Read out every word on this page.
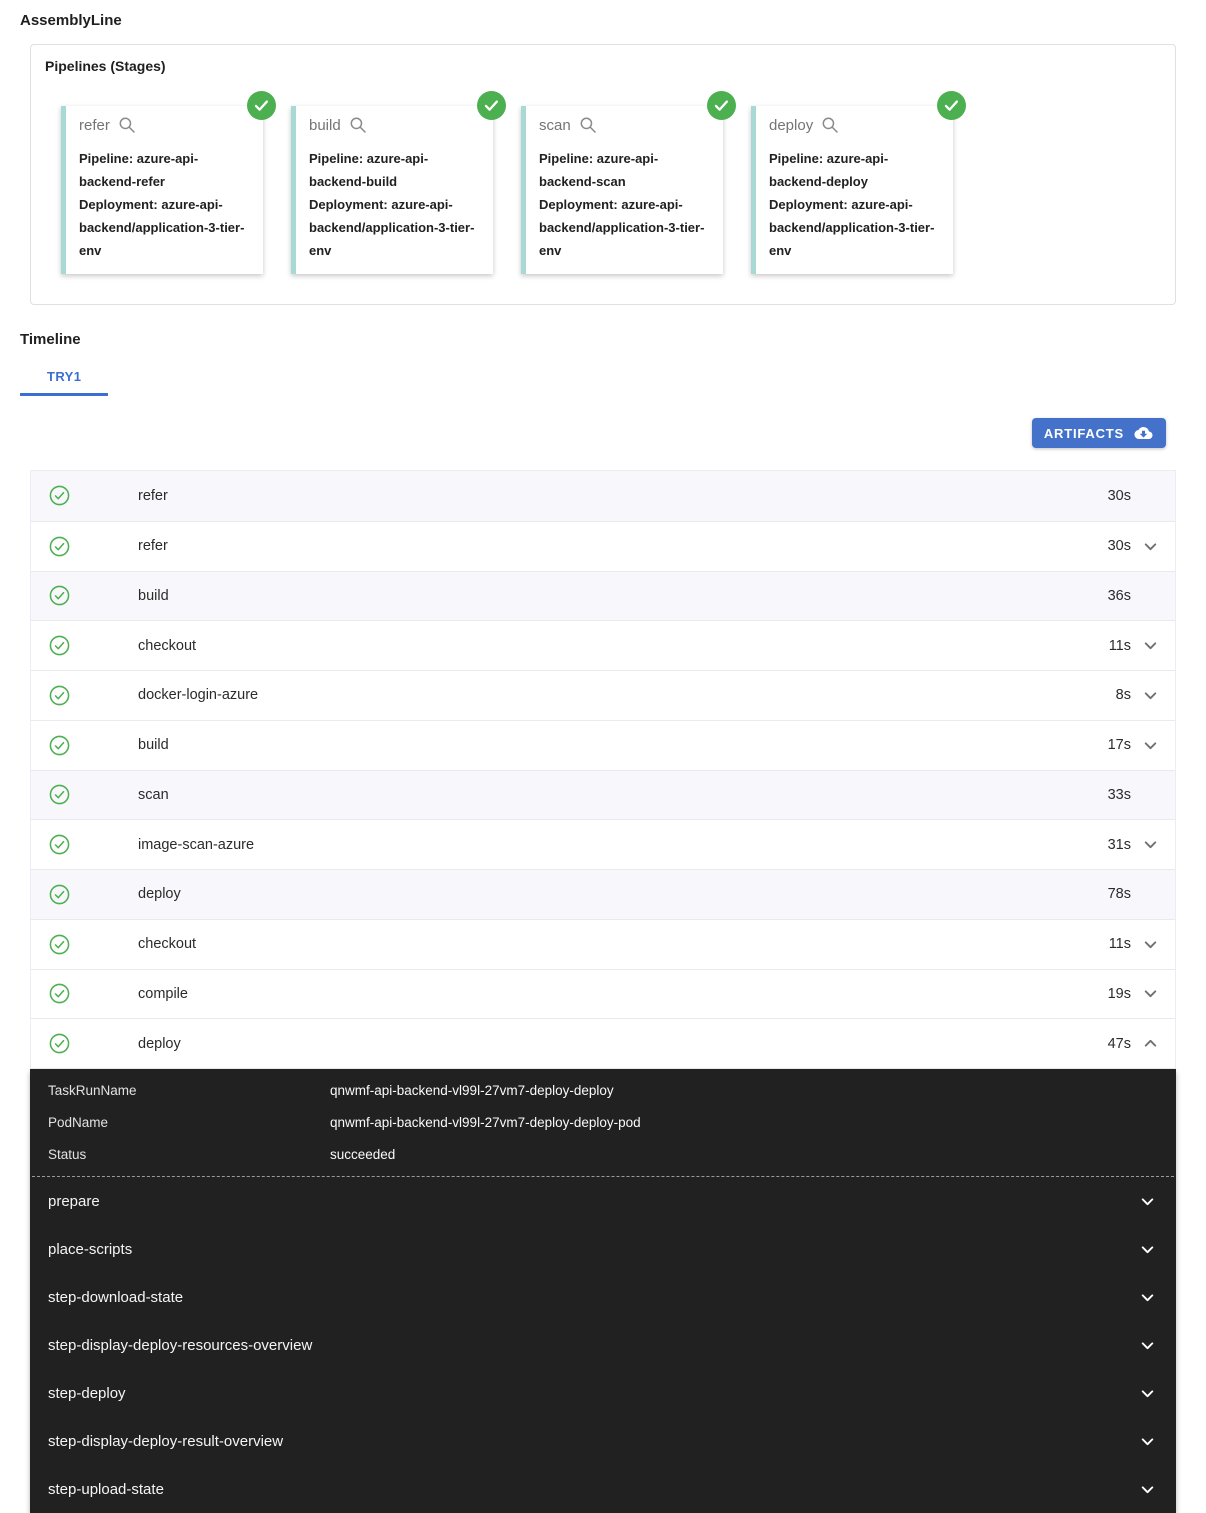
AssemblyLine
Pipelines (Stages)
refer
Pipeline: azure-api-backend-refer
Deployment: azure-api-backend/application-3-tier-env
build
Pipeline: azure-api-backend-build
Deployment: azure-api-backend/application-3-tier-env
scan
Pipeline: azure-api-backend-scan
Deployment: azure-api-backend/application-3-tier-env
deploy
Pipeline: azure-api-backend-deploy
Deployment: azure-api-backend/application-3-tier-env
Timeline
TRY1
ARTIFACTS
refer	30s
refer	30s
build	36s
checkout	11s
docker-login-azure	8s
build	17s
scan	33s
image-scan-azure	31s
deploy	78s
checkout	11s
compile	19s
deploy	47s
TaskRunName	qnwmf-api-backend-vl99l-27vm7-deploy-deploy
PodName	qnwmf-api-backend-vl99l-27vm7-deploy-deploy-pod
Status	succeeded
prepare
place-scripts
step-download-state
step-display-deploy-resources-overview
step-deploy
step-display-deploy-result-overview
step-upload-state
